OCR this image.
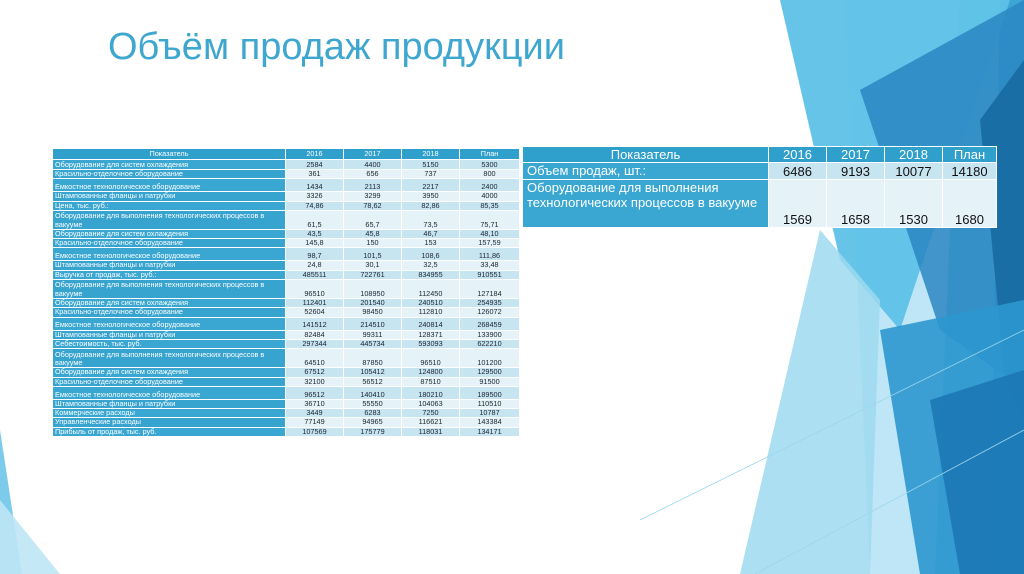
Объём продаж продукции
Показатель	2016	2017	2018	План
Оборудование для систем охлаждения	2584	4400	5150	5300
Красильно-отделочное оборудование	361	656	737	800
Емкостное технологическое оборудование	1434	2113	2217	2400
Штампованные фланцы и патрубки	3326	3299	3950	4000
Цена, тыс. руб.:	74,86	78,62	82,86	85,35
Оборудование для выполнения технологических процессов в вакууме	61,5	65,7	73,5	75,71
Оборудование для систем охлаждения	43,5	45,8	46,7	48,10
Красильно-отделочное оборудование	145,8	150	153	157,59
Емкостное технологическое оборудование	98,7	101,5	108,6	111,86
Штампованные фланцы и патрубки	24,8	30,1	32,5	33,48
Выручка от продаж, тыс. руб.:	485511	722761	834955	910551
Оборудование для выполнения технологических процессов в вакууме	96510	108950	112450	127184
Оборудование для систем охлаждения	112401	201540	240510	254935
Красильно-отделочное оборудование	52604	98450	112810	126072
Емкостное технологическое оборудование	141512	214510	240814	268459
Штампованные фланцы и патрубки	82484	99311	128371	133900
Себестоимость, тыс. руб.	297344	445734	593093	622210
Оборудование для выполнения технологических процессов в вакууме	64510	87850	96510	101200
Оборудование для систем охлаждения	67512	105412	124800	129500
Красильно-отделочное оборудование	32100	56512	87510	91500
Емкостное технологическое оборудование	96512	140410	180210	189500
Штампованные фланцы и патрубки	36710	55550	104063	110510
Коммерческие расходы	3449	6283	7250	10787
Управленческие расходы	77149	94965	116621	143384
Прибыль от продаж, тыс. руб.	107569	175779	118031	134171
Показатель	2016	2017	2018	План
Объем продаж, шт.:	6486	9193	10077	14180
Оборудование для выполнения технологических процессов в вакууме	1569	1658	1530	1680
